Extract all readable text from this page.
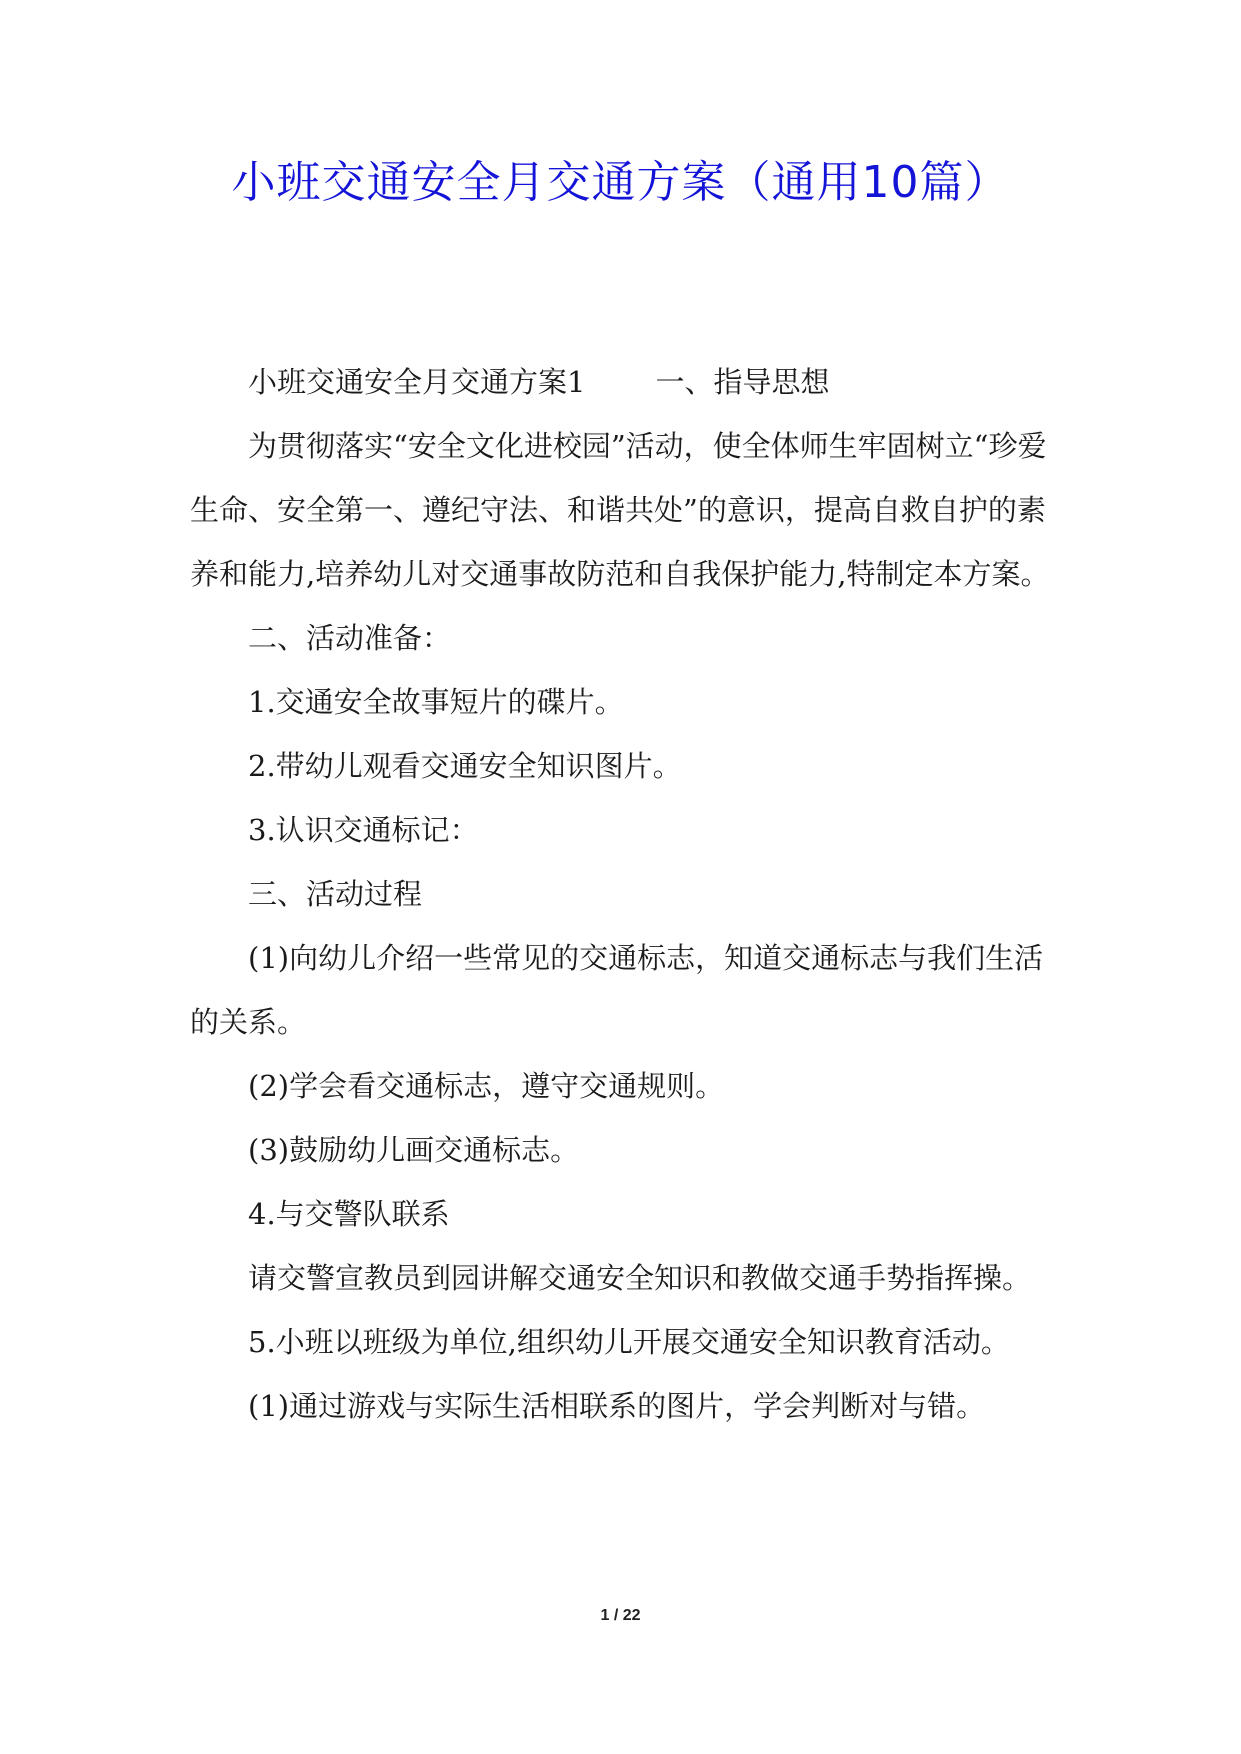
小班交通安全月交通方案（通用10篇）

小班交通安全月交通方案1 一、指导思想

为贯彻落实“安全文化进校园”活动，使全体师生牢固树立“珍爱生命、安全第一、遵纪守法、和谐共处”的意识，提高自救自护的素养和能力,培养幼儿对交通事故防范和自我保护能力,特制定本方案。

二、活动准备：

1.交通安全故事短片的碟片。

2.带幼儿观看交通安全知识图片。

3.认识交通标记：

三、活动过程

(1)向幼儿介绍一些常见的交通标志，知道交通标志与我们生活的关系。

(2)学会看交通标志，遵守交通规则。

(3)鼓励幼儿画交通标志。

4.与交警队联系

请交警宣教员到园讲解交通安全知识和教做交通手势指挥操。

5.小班以班级为单位,组织幼儿开展交通安全知识教育活动。

(1)通过游戏与实际生活相联系的图片，学会判断对与错。

1 / 22
